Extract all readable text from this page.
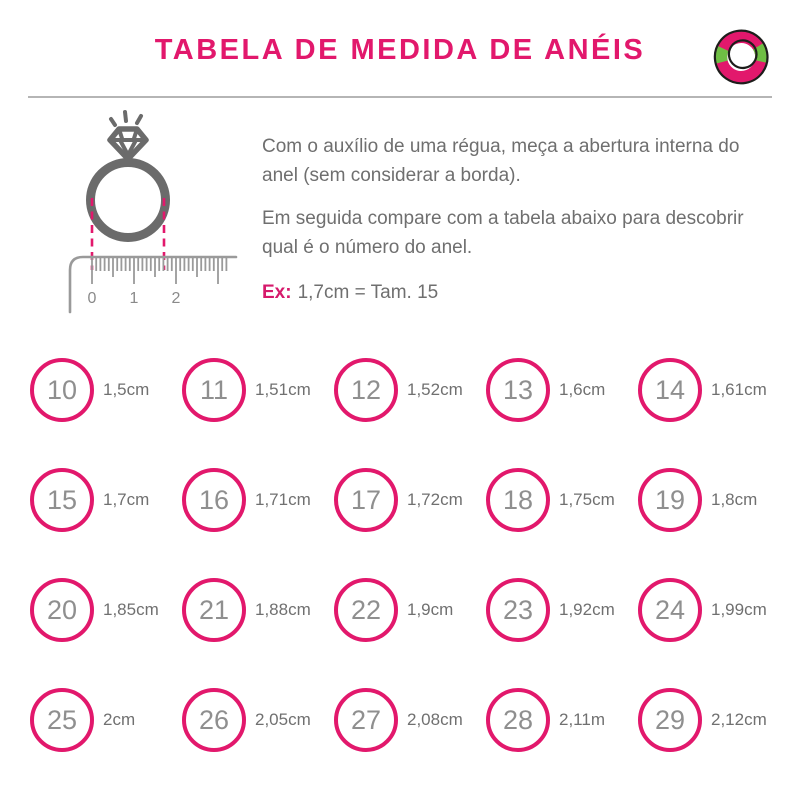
TABELA DE MEDIDA DE ANÉIS
0 1 2

Com o auxílio de uma régua, meça a abertura interna do anel (sem considerar a borda).

Em seguida compare com a tabela abaixo para descobrir qual é o número do anel.

Ex: 1,7cm = Tam. 15
10 1,5cm 11 1,51cm 12 1,52cm 13 1,6cm 14 1,61cm
15 1,7cm 16 1,71cm 17 1,72cm 18 1,75cm 19 1,8cm
20 1,85cm 21 1,88cm 22 1,9cm 23 1,92cm 24 1,99cm
25 2cm 26 2,05cm 27 2,08cm 28 2,11m 29 2,12cm
